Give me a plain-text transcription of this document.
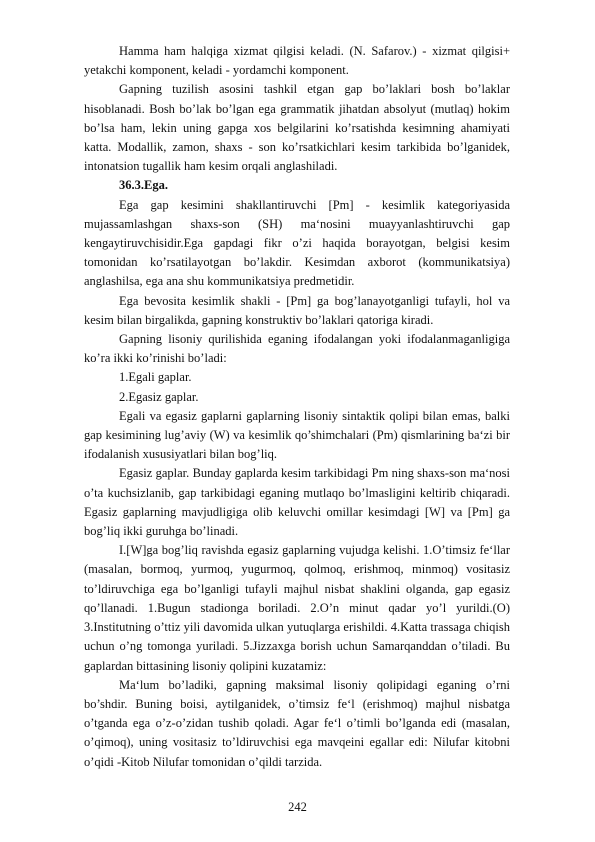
Hamma ham halqiga xizmat qilgisi keladi. (N. Safarov.) - xizmat qilgisi+ yetakchi komponent, keladi - yordamchi komponent.

Gapning tuzilish asosini tashkil etgan gap bo’laklari bosh bo’laklar hisoblanadi. Bosh bo’lak bo’lgan ega grammatik jihatdan absolyut (mutlaq) hokim bo’lsa ham, lekin uning gapga xos belgilarini ko’rsatishda kesimning ahamiyati katta. Modallik, zamon, shaxs - son ko’rsatkichlari kesim tarkibida bo’lganidek, intonatsion tugallik ham kesim orqali anglashiladi.

36.3.Ega.

Ega gap kesimini shakllantiruvchi [Pm] - kesimlik kategoriyasida mujassamlashgan shaxs-son (SH) ma‘nosini muayyanlashtiruvchi gap kengaytiruvchisidir.Ega gapdagi fikr o’zi haqida borayotgan, belgisi kesim tomonidan ko’rsatilayotgan bo’lakdir. Kesimdan axborot (kommunikatsiya) anglashilsa, ega ana shu kommunikatsiya predmetidir.

Ega bevosita kesimlik shakli - [Pm] ga bog’lanayotganligi tufayli, hol va kesim bilan birgalikda, gapning konstruktiv bo’laklari qatoriga kiradi.

Gapning lisoniy qurilishida eganing ifodalangan yoki ifodalanmaganligiga ko’ra ikki ko’rinishi bo’ladi:

1.Egali gaplar.

2.Egasiz gaplar.

Egali va egasiz gaplarni gaplarning lisoniy sintaktik qolipi bilan emas, balki gap kesimining lug’aviy (W) va kesimlik qo’shimchalari (Pm) qismlarining ba‘zi bir ifodalanish xususiyatlari bilan bog’liq.

Egasiz gaplar. Bunday gaplarda kesim tarkibidagi Pm ning shaxs-son ma‘nosi o’ta kuchsizlanib, gap tarkibidagi eganing mutlaqo bo’lmasligini keltirib chiqaradi. Egasiz gaplarning mavjudligiga olib keluvchi omillar kesimdagi [W] va [Pm] ga bog’liq ikki guruhga bo’linadi.

I.[W]ga bog’liq ravishda egasiz gaplarning vujudga kelishi. 1.O’timsiz fe‘llar (masalan, bormoq, yurmoq, yugurmoq, qolmoq, erishmoq, minmoq) vositasiz to’ldiruvchiga ega bo’lganligi tufayli majhul nisbat shaklini olganda, gap egasiz qo’llanadi. 1.Bugun stadionga boriladi. 2.O’n minut qadar yo’l yurildi.(O) 3.Institutning o’ttiz yili davomida ulkan yutuqlarga erishildi. 4.Katta trassaga chiqish uchun o’ng tomonga yuriladi. 5.Jizzaxga borish uchun Samarqanddan o’tiladi. Bu gaplardan bittasining lisoniy qolipini kuzatamiz:

Ma‘lum bo’ladiki, gapning maksimal lisoniy qolipidagi eganing o’rni bo’shdir. Buning boisi, aytilganidek, o’timsiz fe‘l (erishmoq) majhul nisbatga o’tganda ega o’z-o’zidan tushib qoladi. Agar fe‘l o’timli bo’lganda edi (masalan, o’qimoq), uning vositasiz to’ldiruvchisi ega mavqeini egallar edi: Nilufar kitobni o’qidi -Kitob Nilufar tomonidan o’qildi tarzida.

242
